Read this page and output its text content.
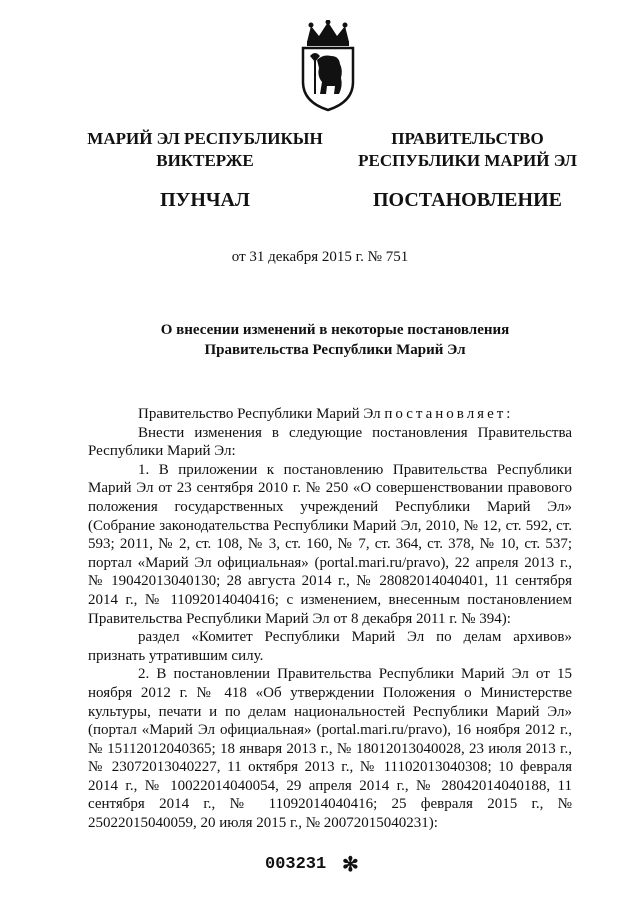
МАРИЙ ЭЛ РЕСПУБЛИКЫН
ВИКТЕРЖЕ
ПУНЧАЛ
ПРАВИТЕЛЬСТВО
РЕСПУБЛИКИ МАРИЙ ЭЛ
ПОСТАНОВЛЕНИЕ
от 31 декабря 2015 г. № 751
О внесении изменений в некоторые постановления
Правительства Республики Марий Эл

Правительство Республики Марий Эл постановляет:

Внести изменения в следующие постановления Правительства Республики Марий Эл:

1. В приложении к постановлению Правительства Республики Марий Эл от 23 сентября 2010 г. № 250 «О совершенствовании правового положения государственных учреждений Республики Марий Эл» (Собрание законодательства Республики Марий Эл, 2010, № 12, ст. 592, ст. 593; 2011, № 2, ст. 108, № 3, ст. 160, № 7, ст. 364, ст. 378, № 10, ст. 537; портал «Марий Эл официальная» (portal.mari.ru/pravo), 22 апреля 2013 г., № 19042013040130; 28 августа 2014 г., № 28082014040401, 11 сентября 2014 г., № 11092014040416; с изменением, внесенным постановлением Правительства Республики Марий Эл от 8 декабря 2011 г. № 394):

раздел «Комитет Республики Марий Эл по делам архивов» признать утратившим силу.

2. В постановлении Правительства Республики Марий Эл от 15 ноября 2012 г. № 418 «Об утверждении Положения о Министерстве культуры, печати и по делам национальностей Республики Марий Эл» (портал «Марий Эл официальная» (portal.mari.ru/pravo), 16 ноября 2012 г., № 15112012040365; 18 января 2013 г., № 18012013040028, 23 июля 2013 г., № 23072013040227, 11 октября 2013 г., № 11102013040308; 10 февраля 2014 г., № 10022014040054, 29 апреля 2014 г., № 28042014040188, 11 сентября 2014 г., № 11092014040416; 25 февраля 2015 г., № 25022015040059, 20 июля 2015 г., № 20072015040231):

003231 ✻
